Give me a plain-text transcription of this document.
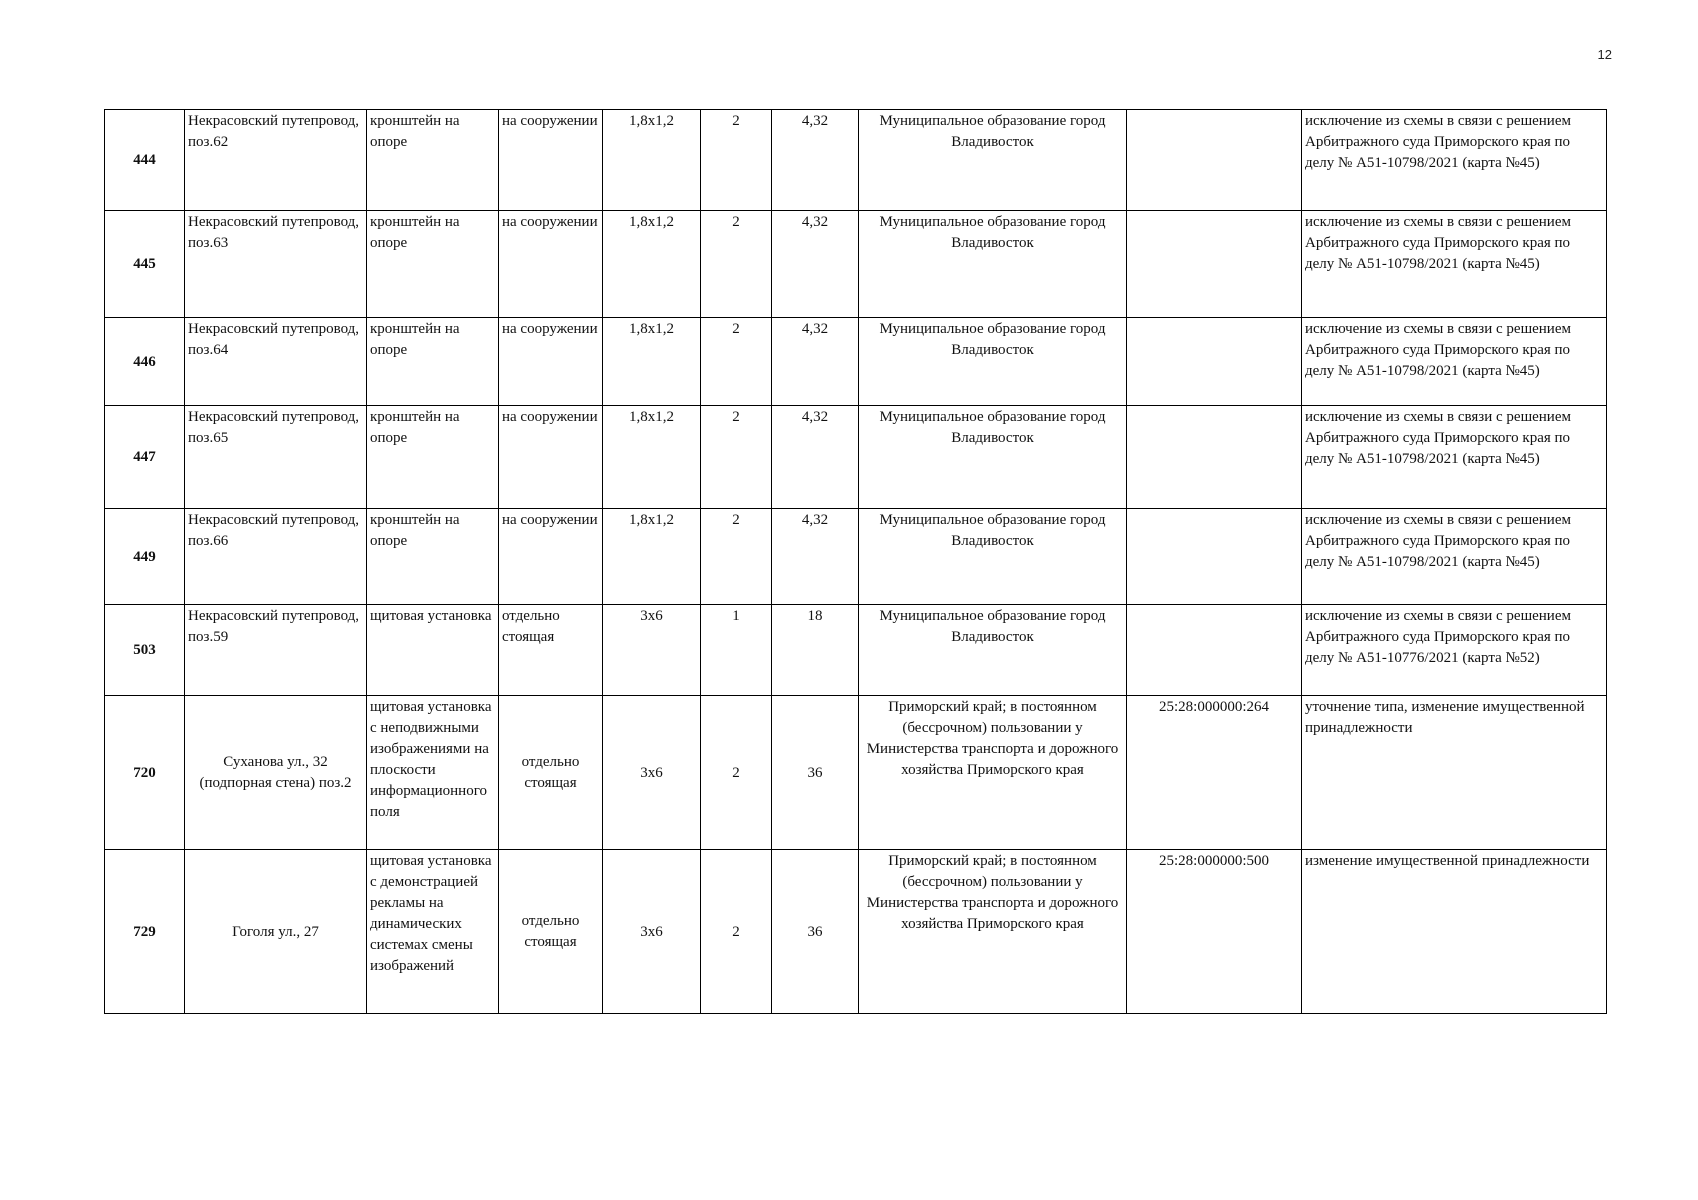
12
444	Некрасовский путепровод, поз.62	кронштейн на опоре	на сооружении	1,8х1,2	2	4,32	Муниципальное образование город Владивосток		исключение из схемы в связи с решением Арбитражного суда Приморского края по делу № А51-10798/2021 (карта №45)
445	Некрасовский путепровод, поз.63	кронштейн на опоре	на сооружении	1,8х1,2	2	4,32	Муниципальное образование город Владивосток		исключение из схемы в связи с решением Арбитражного суда Приморского края по делу № А51-10798/2021 (карта №45)
446	Некрасовский путепровод, поз.64	кронштейн на опоре	на сооружении	1,8х1,2	2	4,32	Муниципальное образование город Владивосток		исключение из схемы в связи с решением Арбитражного суда Приморского края по делу № А51-10798/2021 (карта №45)
447	Некрасовский путепровод, поз.65	кронштейн на опоре	на сооружении	1,8х1,2	2	4,32	Муниципальное образование город Владивосток		исключение из схемы в связи с решением Арбитражного суда Приморского края по делу № А51-10798/2021 (карта №45)
449	Некрасовский путепровод, поз.66	кронштейн на опоре	на сооружении	1,8х1,2	2	4,32	Муниципальное образование город Владивосток		исключение из схемы в связи с решением Арбитражного суда Приморского края по делу № А51-10798/2021 (карта №45)
503	Некрасовский путепровод, поз.59	щитовая установка	отдельно стоящая	3х6	1	18	Муниципальное образование город Владивосток		исключение из схемы в связи с решением Арбитражного суда Приморского края по делу № А51-10776/2021 (карта №52)
720	Суханова ул., 32 (подпорная стена) поз.2	щитовая установка с неподвижными изображениями на плоскости информационного поля	отдельно стоящая	3х6	2	36	Приморский край; в постоянном (бессрочном) пользовании у Министерства транспорта и дорожного хозяйства Приморского края	25:28:000000:264	уточнение типа, изменение имущественной принадлежности
729	Гоголя ул., 27	щитовая установка с демонстрацией рекламы на динамических системах смены изображений	отдельно стоящая	3х6	2	36	Приморский край; в постоянном (бессрочном) пользовании у Министерства транспорта и дорожного хозяйства Приморского края	25:28:000000:500	изменение имущественной принадлежности
